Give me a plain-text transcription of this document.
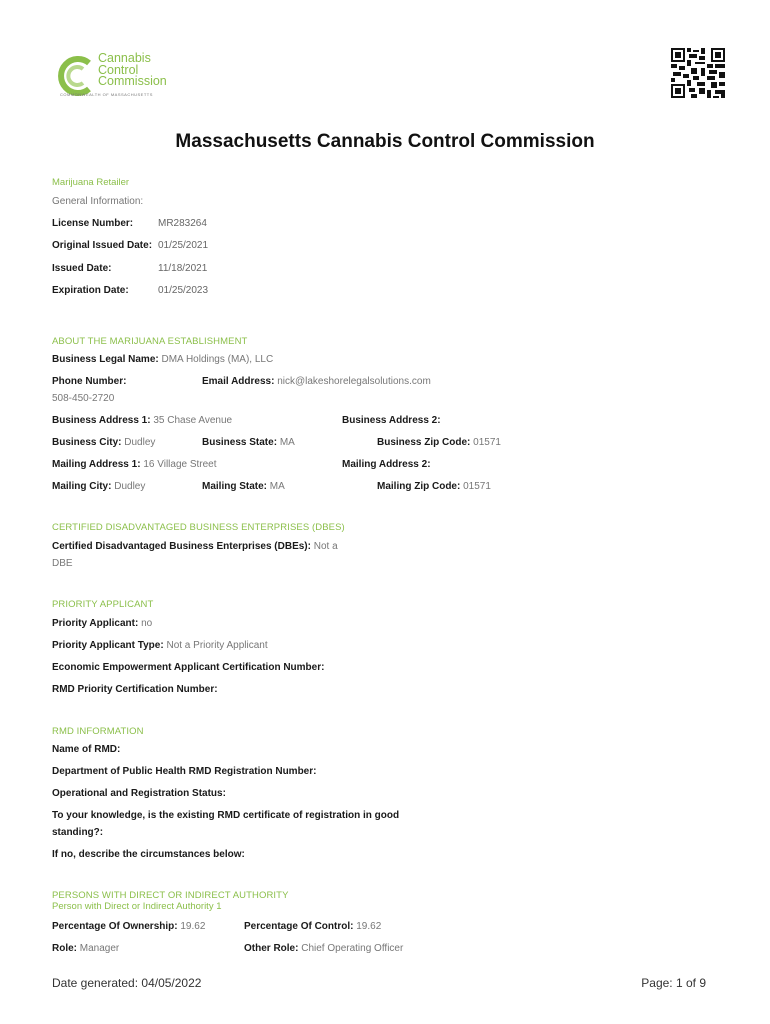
Cannabis
Control
Commission
COMMONWEALTH OF MASSACHUSETTS
Massachusetts Cannabis Control Commission
Marijuana Retailer
General Information:
License Number: MR283264
Original Issued Date: 01/25/2021
Issued Date:	11/18/2021
Expiration Date:	01/25/2023
ABOUT THE MARIJUANA ESTABLISHMENT
Business Legal Name: DMA Holdings (MA), LLC
Phone Number:	Email Address: nick@lakeshorelegalsolutions.com
508-450-2720
Business Address 1: 35 Chase Avenue	Business Address 2:
Business City: Dudley	Business State: MA	Business Zip Code: 01571
Mailing Address 1: 16 Village Street	Mailing Address 2:
Mailing City: Dudley	Mailing State: MA	Mailing Zip Code: 01571
CERTIFIED DISADVANTAGED BUSINESS ENTERPRISES (DBES)
Certified Disadvantaged Business Enterprises (DBEs): Not a
DBE
PRIORITY APPLICANT
Priority Applicant: no
Priority Applicant Type: Not a Priority Applicant
Economic Empowerment Applicant Certification Number:
RMD Priority Certification Number:
RMD INFORMATION
Name of RMD:
Department of Public Health RMD Registration Number:
Operational and Registration Status:
To your knowledge, is the existing RMD certificate of registration in good
standing?:
If no, describe the circumstances below:
PERSONS WITH DIRECT OR INDIRECT AUTHORITY
Person with Direct or Indirect Authority 1
Percentage Of Ownership: 19.62	Percentage Of Control: 19.62
Role: Manager	Other Role: Chief Operating Officer
Date generated: 04/05/2022	Page: 1 of 9
